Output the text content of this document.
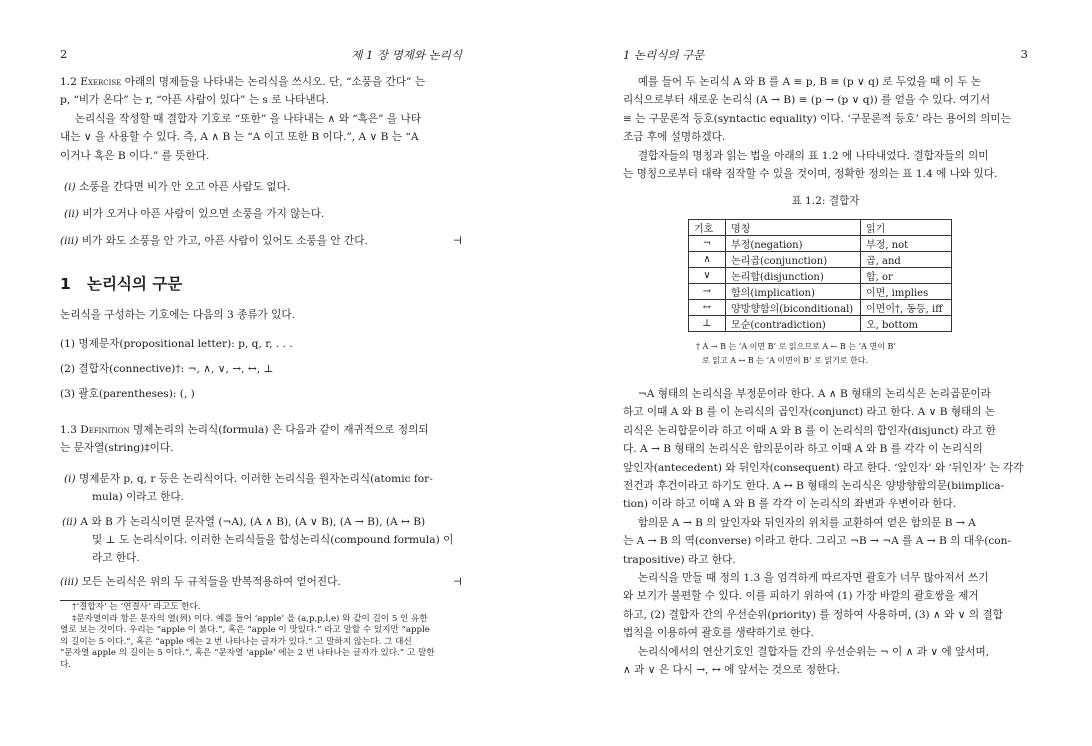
2	제 1 장 명제와 논리식

1.2 Exercise 아래의 명제들을 나타내는 논리식을 쓰시오. 단, “소풍을 간다” 는

p, “비가 온다” 는 r, “아픈 사람이 있다” 는 s 로 나타낸다.

논리식을 작성할 때 결합자 기호로 “또한” 을 나타내는 ∧ 와 “혹은” 을 나타

내는 ∨ 을 사용할 수 있다. 즉, A ∧ B 는 “A 이고 또한 B 이다.”, A ∨ B 는 “A

이거나 혹은 B 이다.” 를 뜻한다.

(i) 소풍을 간다면 비가 안 오고 아픈 사람도 없다.
(ii) 비가 오거나 아픈 사람이 있으면 소풍을 가지 않는다.
(iii) 비가 와도 소풍을 안 가고, 아픈 사람이 있어도 소풍을 안 간다.	⊣
1 논리식의 구문

논리식을 구성하는 기호에는 다음의 3 종류가 있다.

(1) 명제문자(propositional letter): p, q, r, . . .
(2) 결합자(connective)†: ¬, ∧, ∨, →, ↔, ⊥
(3) 괄호(parentheses): (, )

1.3 Definition 명제논리의 논리식(formula) 은 다음과 같이 재귀적으로 정의되

는 문자열(string)‡이다.

(i) 명제문자 p, q, r 등은 논리식이다. 이러한 논리식을 원자논리식(atomic for-
mula) 이라고 한다.
(ii) A 와 B 가 논리식이면 문자열 (¬A), (A ∧ B), (A ∨ B), (A → B), (A ↔ B)
및 ⊥ 도 논리식이다. 이러한 논리식들을 합성논리식(compound formula) 이
라고 한다.
(iii) 모든 논리식은 위의 두 규칙들을 반복적용하여 얻어진다.	⊣

†‘결합자’ 는 ‘연결사’ 라고도 한다.

‡문자열이라 함은 문자의 열(列) 이다. 예를 들어 ‘apple’ 을 (a,p,p,l,e) 와 같이 길이 5 인 유한

열로 보는 것이다. 우리는 “apple 이 붉다.”, 혹은 “apple 이 맛있다.” 라고 말할 수 있지만 “apple

의 길이는 5 이다.”, 혹은 “apple 에는 2 번 나타나는 글자가 있다.” 고 말하지 않는다. 그 대신

“문자열 apple 의 길이는 5 이다.”, 혹은 “문자열 ‘apple’ 에는 2 번 나타나는 글자가 있다.” 고 말한

다.

1 논리식의 구문	3

예를 들어 두 논리식 A 와 B 를 A ≡ p, B ≡ (p ∨ q) 로 두었을 때 이 두 논

리식으로부터 새로운 논리식 (A → B) ≡ (p → (p ∨ q)) 를 얻을 수 있다. 여기서

≡ 는 구문론적 등호(syntactic equality) 이다. ‘구문론적 등호’ 라는 용어의 의미는

조금 후에 설명하겠다.

결합자들의 명칭과 읽는 법을 아래의 표 1.2 에 나타내었다. 결합자들의 의미

는 명칭으로부터 대략 짐작할 수 있을 것이며, 정확한 정의는 표 1.4 에 나와 있다.

표 1.2: 결합자
기호	명칭	읽기
¬	부정(negation)	부정, not
∧	논리곱(conjunction)	곱, and
∨	논리합(disjunction)	합, or
→	함의(implication)	이면, implies
↔	양방향함의(biconditional)	이면이†, 동등, iff
⊥	모순(contradiction)	오, bottom

† A → B 는 ‘A 이면 B’ 로 읽으므로 A ← B 는 ‘A 면이 B’

로 읽고 A ↔ B 는 ‘A 이면이 B’ 로 읽기로 한다.

¬A 형태의 논리식을 부정문이라 한다. A ∧ B 형태의 논리식은 논리곱문이라

하고 이때 A 와 B 를 이 논리식의 곱인자(conjunct) 라고 한다. A ∨ B 형태의 논

리식은 논리합문이라 하고 이때 A 와 B 를 이 논리식의 합인자(disjunct) 라고 한

다. A → B 형태의 논리식은 함의문이라 하고 이때 A 와 B 를 각각 이 논리식의

앞인자(antecedent) 와 뒤인자(consequent) 라고 한다. ‘앞인자’ 와 ‘뒤인자’ 는 각각

전건과 후건이라고 하기도 한다. A ↔ B 형태의 논리식은 양방향함의문(biimplica-

tion) 이라 하고 이때 A 와 B 를 각각 이 논리식의 좌변과 우변이라 한다.

함의문 A → B 의 앞인자와 뒤인자의 위치를 교환하여 얻은 함의문 B → A

는 A → B 의 역(converse) 이라고 한다. 그리고 ¬B → ¬A 를 A → B 의 대우(con-

trapositive) 라고 한다.

논리식을 만들 때 정의 1.3 을 엄격하게 따르자면 괄호가 너무 많아져서 쓰기

와 보기가 불편할 수 있다. 이를 피하기 위하여 (1) 가장 바깥의 괄호쌍을 제거

하고, (2) 결합자 간의 우선순위(priority) 를 정하여 사용하며, (3) ∧ 와 ∨ 의 결합

법칙을 이용하여 괄호를 생략하기로 한다.

논리식에서의 연산기호인 결합자들 간의 우선순위는 ¬ 이 ∧ 과 ∨ 에 앞서며,

∧ 과 ∨ 은 다시 →, ↔ 에 앞서는 것으로 정한다.
